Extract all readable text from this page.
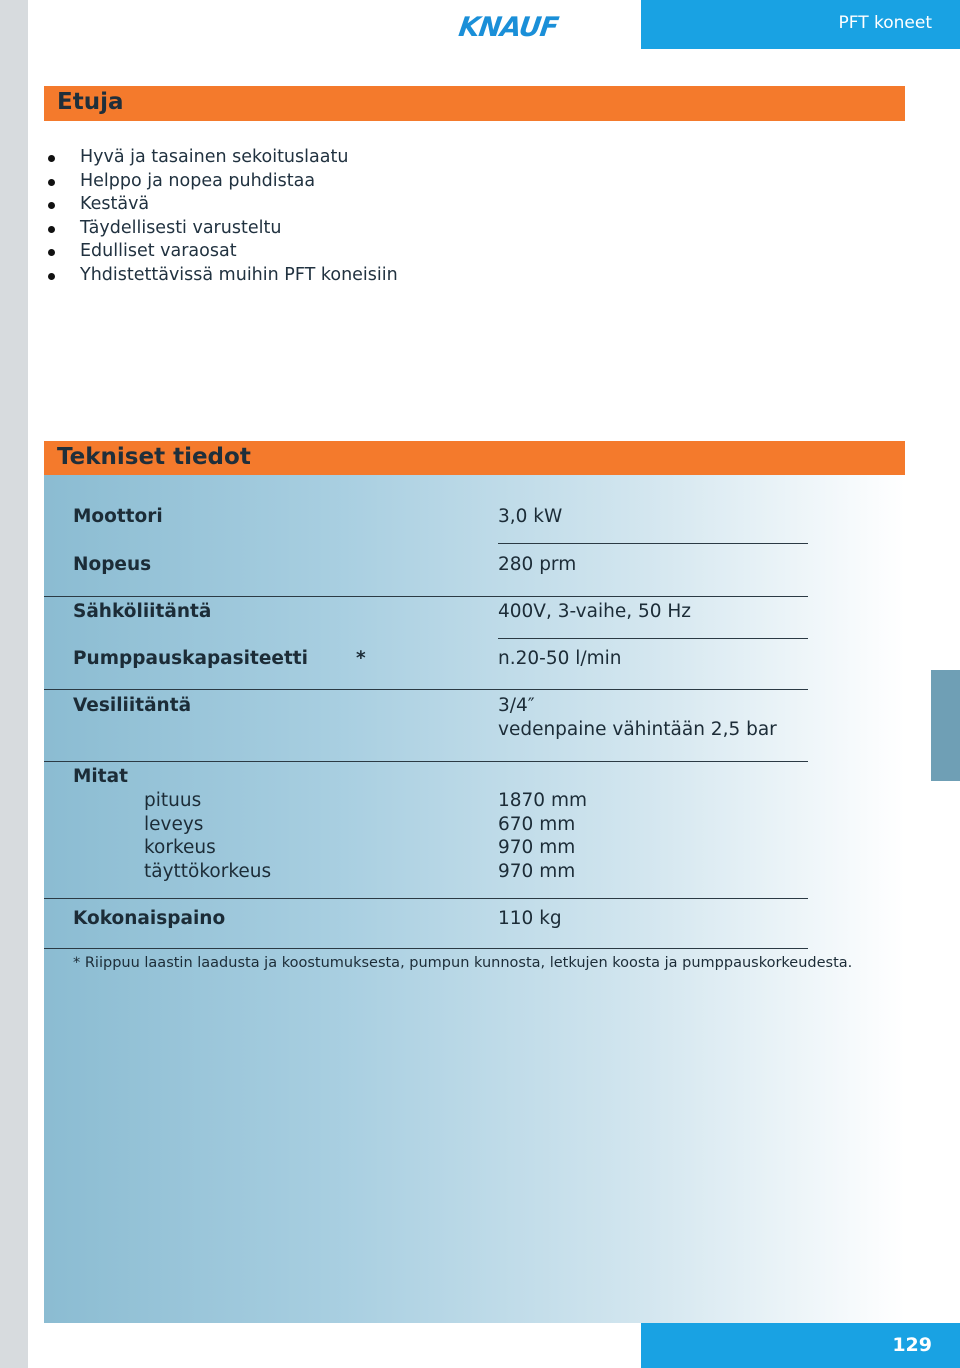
KNAUF	PFT koneet
Etuja
Hyvä ja tasainen sekoituslaatu
Helppo ja nopea puhdistaa
Kestävä
Täydellisesti varusteltu
Edulliset varaosat
Yhdistettävissä muihin PFT koneisiin
Tekniset tiedot
Moottori	3,0 kW
Nopeus	280 prm
Sähköliitäntä	400V, 3-vaihe, 50 Hz
Pumppauskapasiteetti	*	n.20-50 l/min
Vesiliitäntä	3/4″
vedenpaine vähintään 2,5 bar
Mitat
pituus	1870 mm
leveys	670 mm
korkeus	970 mm
täyttökorkeus	970 mm
Kokonaispaino	110 kg
* Riippuu laastin laadusta ja koostumuksesta, pumpun kunnosta, letkujen koosta ja pumppauskorkeudesta.
129
